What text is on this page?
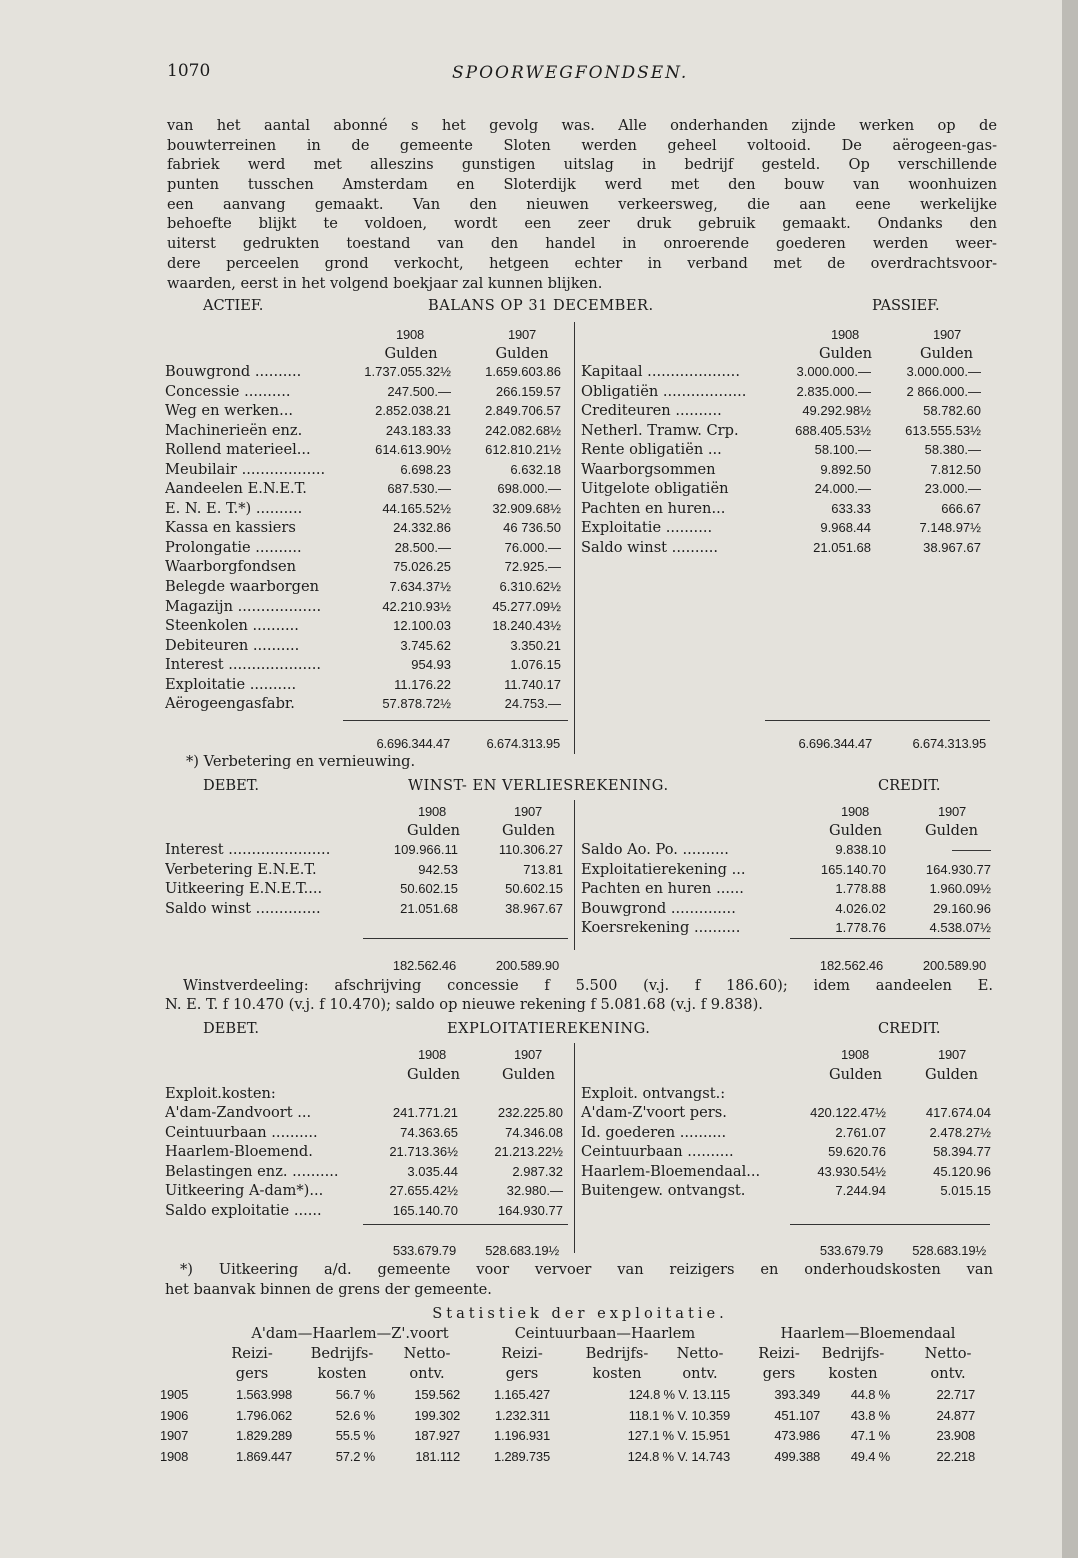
1070	SPOORWEGFONDSEN.
van het aantal abonné s het gevolg was. Alle onderhanden zijnde werken op de
bouwterreinen in de gemeente Sloten werden geheel voltooid. De aërogeen-gas-
fabriek werd met alleszins gunstigen uitslag in bedrijf gesteld. Op verschillende
punten tusschen Amsterdam en Sloterdijk werd met den bouw van woonhuizen
een aanvang gemaakt. Van den nieuwen verkeersweg, die aan eene werkelijke
behoefte blijkt te voldoen, wordt een zeer druk gebruik gemaakt. Ondanks den
uiterst gedrukten toestand van den handel in onroerende goederen werden weer-
dere perceelen grond verkocht, hetgeen echter in verband met de overdrachtsvoor-
waarden, eerst in het volgend boekjaar zal kunnen blijken.
ACTIEF.	BALANS OP 31 DECEMBER.	PASSIEF.
1908	1907
Gulden	Gulden
1908	1907
Gulden	Gulden
Bouwgrond ..........	1.737.055.32½	1.659.603.86
Concessie ..........	247.500.—	266.159.57
Weg en werken...	2.852.038.21	2.849.706.57
Machinerieën enz.	243.183.33	242.082.68½
Rollend materieel...	614.613.90½	612.810.21½
Meubilair ..................	6.698.23	6.632.18
Aandeelen E.N.E.T.	687.530.—	698.000.—
E. N. E. T.*) ..........	44.165.52½	32.909.68½
Kassa en kassiers	24.332.86	46 736.50
Prolongatie ..........	28.500.—	76.000.—
Waarborgfondsen	75.026.25	72.925.—
Belegde waarborgen	7.634.37½	6.310.62½
Magazijn ..................	42.210.93½	45.277.09½
Steenkolen ..........	12.100.03	18.240.43½
Debiteuren ..........	3.745.62	3.350.21
Interest ....................	954.93	1.076.15
Exploitatie ..........	11.176.22	11.740.17
Aërogeengasfabr.	57.878.72½	24.753.—
Kapitaal ....................	3.000.000.—	3.000.000.—
Obligatiën ..................	2.835.000.—	2 866.000.—
Crediteuren ..........	49.292.98½	58.782.60
Netherl. Tramw. Crp.	688.405.53½	613.555.53½
Rente obligatiën ...	58.100.—	58.380.—
Waarborgsommen	9.892.50	7.812.50
Uitgelote obligatiën	24.000.—	23.000.—
Pachten en huren...	633.33	666.67
Exploitatie ..........	9.968.44	7.148.97½
Saldo winst ..........	21.051.68	38.967.67
6.696.344.47	6.674.313.95	6.696.344.47	6.674.313.95
*) Verbetering en vernieuwing.
DEBET.	WINST- EN VERLIESREKENING.	CREDIT.
1908	1907
Gulden	Gulden
1908	1907
Gulden	Gulden
Interest ......................	109.966.11	110.306.27
Verbetering E.N.E.T.	942.53	713.81
Uitkeering E.N.E.T....	50.602.15	50.602.15
Saldo winst ..............	21.051.68	38.967.67
Saldo Ao. Po. ..........	9.838.10	———
Exploitatierekening ...	165.140.70	164.930.77
Pachten en huren ......	1.778.88	1.960.09½
Bouwgrond ..............	4.026.02	29.160.96
Koersrekening ..........	1.778.76	4.538.07½
182.562.46	200.589.90	182.562.46	200.589.90
Winstverdeeling: afschrijving concessie f 5.500 (v.j. f 186.60); idem aandeelen E.
N. E. T. f 10.470 (v.j. f 10.470); saldo op nieuwe rekening f 5.081.68 (v.j. f 9.838).
DEBET.	EXPLOITATIEREKENING.	CREDIT.
1908	1907
Gulden	Gulden
1908	1907
Gulden	Gulden
Exploit.kosten:	Exploit. ontvangst.:
A'dam-Zandvoort ...	241.771.21	232.225.80
Ceintuurbaan ..........	74.363.65	74.346.08
Haarlem-Bloemend.	21.713.36½	21.213.22½
Belastingen enz. ..........	3.035.44	2.987.32
Uitkeering A-dam*)...	27.655.42½	32.980.—
Saldo exploitatie ......	165.140.70	164.930.77
A'dam-Z'voort pers.	420.122.47½	417.674.04
Id. goederen ..........	2.761.07	2.478.27½
Ceintuurbaan ..........	59.620.76	58.394.77
Haarlem-Bloemendaal...	43.930.54½	45.120.96
Buitengew. ontvangst.	7.244.94	5.015.15
533.679.79	528.683.19½	533.679.79	528.683.19½
*) Uitkeering a/d. gemeente voor vervoer van reizigers en onderhoudskosten van
het baanvak binnen de grens der gemeente.
Statistiek der exploitatie.
A'dam—Haarlem—Z'.voort	Ceintuurbaan—Haarlem	Haarlem—Bloemendaal
Reizi-	Bedrijfs-	Netto-	Reizi-	Bedrijfs-	Netto-	Reizi-	Bedrijfs-	Netto-
gers	kosten	ontv.	gers	kosten	ontv.	gers	kosten	ontv.
1905	1.563.998	56.7 %	159.562	1.165.427	124.8 % V. 13.115	393.349	44.8 %	22.717
1906	1.796.062	52.6 %	199.302	1.232.311	118.1 % V. 10.359	451.107	43.8 %	24.877
1907	1.829.289	55.5 %	187.927	1.196.931	127.1 % V. 15.951	473.986	47.1 %	23.908
1908	1.869.447	57.2 %	181.112	1.289.735	124.8 % V. 14.743	499.388	49.4 %	22.218
